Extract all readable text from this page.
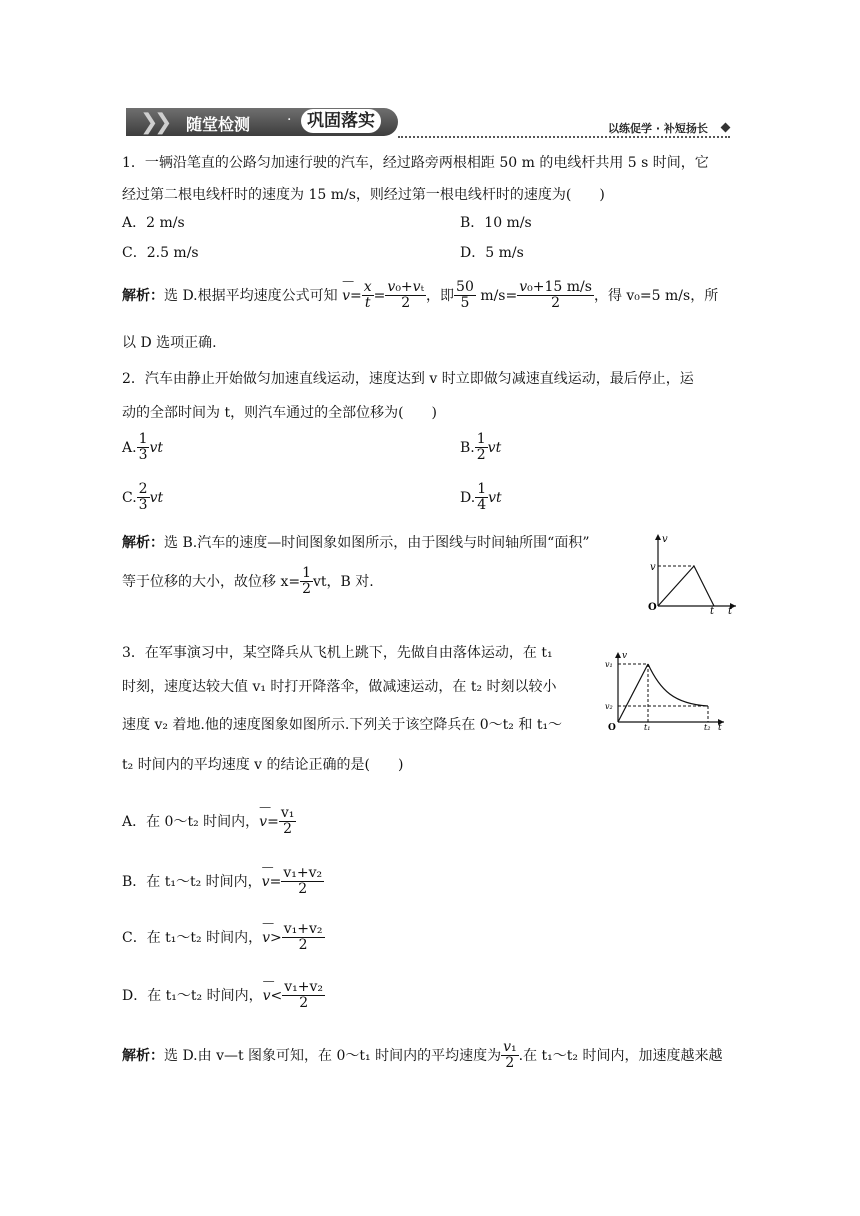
❯
❯ 随堂检测	· 巩固落实	以练促学 · 补短扬长
1．一辆沿笔直的公路匀加速行驶的汽车，经过路旁两根相距 50 m 的电线杆共用 5 s 时间，它
经过第二根电线杆时的速度为 15 m/s，则经过第一根电线杆时的速度为(　　)
A．2 m/s	B．10 m/s
C．2.5 m/s	D．5 m/s
解析：选 D.根据平均速度公式可知 — $v= \frac{x}{t} = \frac{\text{v₀+vₜ}}{2}$ ，即 $\frac{50}{5} m/s= \frac{\text{v₀+15 m/s}}{2}$ ，得 v₀=5 m/s，所
以 D 选项正确.
2．汽车由静止开始做匀加速直线运动，速度达到 v 时立即做匀减速直线运动，最后停止，运
动的全部时间为 t，则汽车通过的全部位移为(　　)
A. $\frac{1}{3}$ vt	B. $\frac{1}{2}$ vt
C. $\frac{2}{3}$ vt	D. $\frac{1}{4}$ vt
解析：选 B.汽车的速度—时间图象如图所示，由于图线与时间轴所围“面积”
等于位移的大小，故位移 $x= \frac{1}{2}$ vt，B 对.
v
v
O	t t
3．在军事演习中，某空降兵从飞机上跳下，先做自由落体运动，在 t₁
时刻，速度达较大值 v₁ 时打开降落伞，做减速运动，在 t₂ 时刻以较小
速度 v₂ 着地.他的速度图象如图所示.下列关于该空降兵在 0～t₂ 和 t₁～
t₂ 时间内的平均速度 v 的结论正确的是(　　)
v
v₁
v₂
O	t₁	t₂ t
A．在 0～t₂ 时间内，— $v= \frac{\text{v₁}}{2}$
B．在 t₁～t₂ 时间内，— $v= \frac{\text{v₁+v₂}}{2}$
C．在 t₁～t₂ 时间内，— $v> \frac{\text{v₁+v₂}}{2}$
D．在 t₁～t₂ 时间内，— $v< \frac{\text{v₁+v₂}}{2}$
解析：选 D.由 v—t 图象可知，在 0～t₁ 时间内的平均速度为 $\frac{\text{v₁}}{2}$ .在 t₁～t₂ 时间内，加速度越来越
